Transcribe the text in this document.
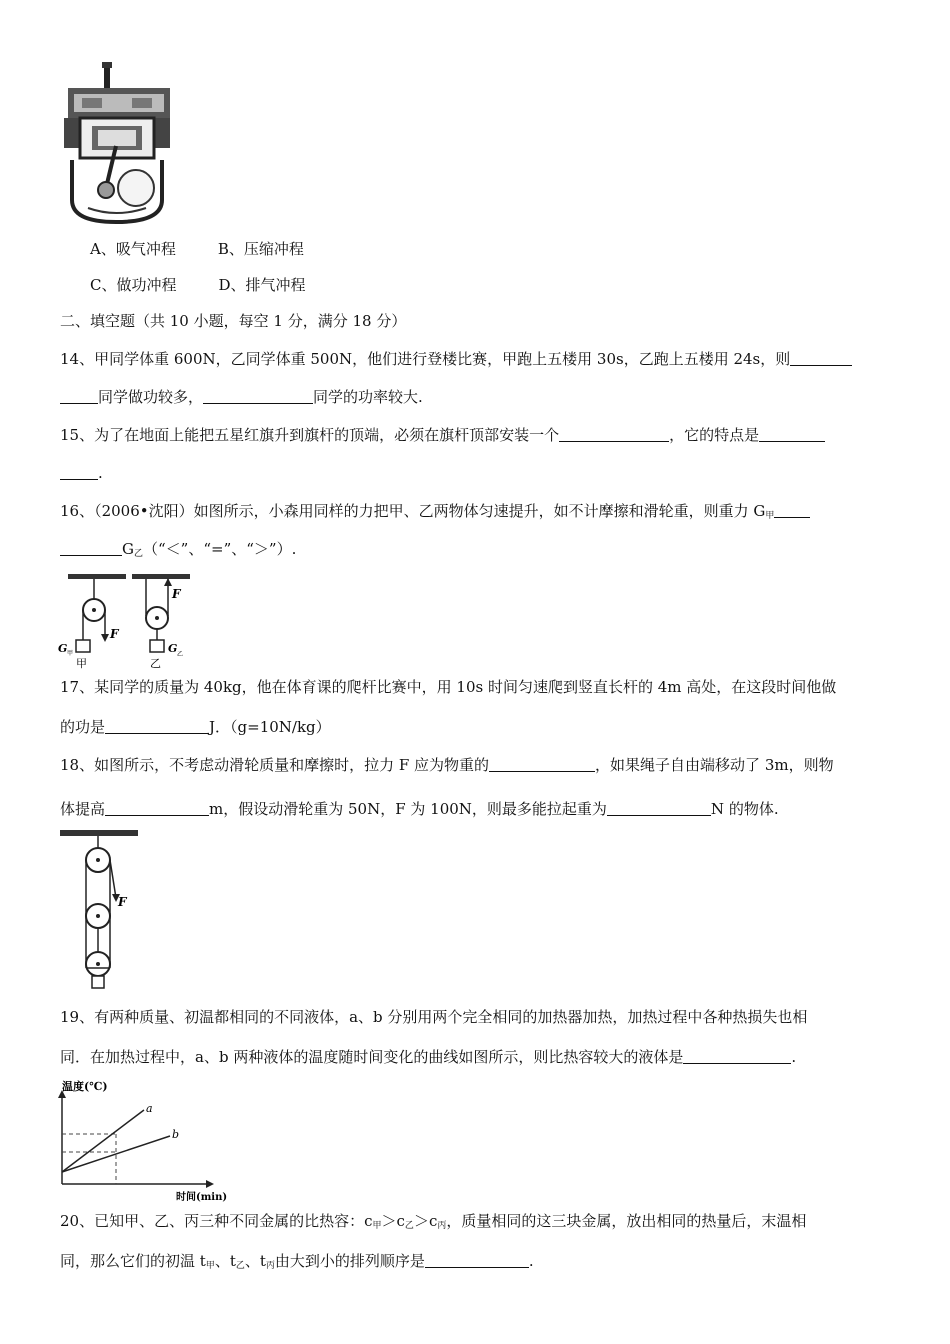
A、吸气冲程	B、压缩冲程
C、做功冲程	D、排气冲程
二、填空题（共 10 小题，每空 1 分，满分 18 分）
14、甲同学体重 600N，乙同学体重 500N，他们进行登楼比赛，甲跑上五楼用 30s，乙跑上五楼用 24s，则
同学做功较多，	同学的功率较大.
15、为了在地面上能把五星红旗升到旗杆的顶端，必须在旗杆顶部安装一个	，它的特点是
.
16、（2006•沈阳）如图所示，小森用同样的力把甲、乙两物体匀速提升，如不计摩擦和滑轮重，则重力 $G_甲$
$G_乙(“<$”、“=”、“＞”）.
F
G 甲
甲
F
G 乙
乙
17、某同学的质量为 40kg，他在体育课的爬杆比赛中，用 10s 时间匀速爬到竖直长杆的 4m 高处，在这段时间他做
的功是	J．（g=10N/kg）
18、如图所示，不考虑动滑轮质量和摩擦时，拉力 F 应为物重的	，如果绳子自由端移动了 3m，则物
体提高	m，假设动滑轮重为 50N，F 为 100N，则最多能拉起重为	N 的物体.
F
19、有两种质量、初温都相同的不同液体，a、b 分别用两个完全相同的加热器加热，加热过程中各种热损失也相
同．在加热过程中，a、b 两种液体的温度随时间变化的曲线如图所示，则比热容较大的液体是	.
温度(℃)
时间(min)
a
b
20、已知甲、乙、丙三种不同金属的比热容：$c_甲>c_乙>c_丙$，质量相同的这三块金属，放出相同的热量后，末温相
同，那么它们的初温 $t_甲$、$t_乙$、$t_丙$由大到小的排列顺序是	.
